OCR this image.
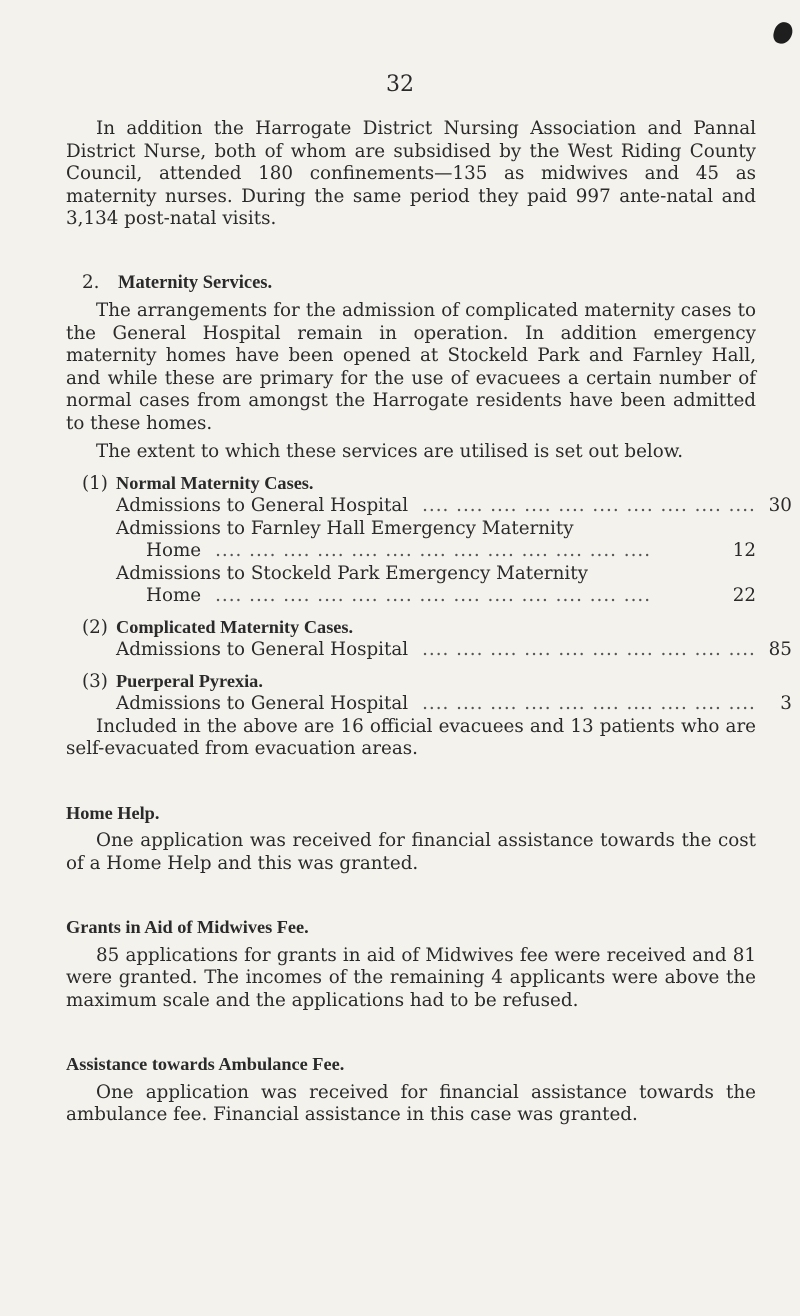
32

In addition the Harrogate District Nursing Association and Pannal District Nurse, both of whom are subsidised by the West Riding County Council, attended 180 confinements—135 as midwives and 45 as maternity nurses. During the same period they paid 997 ante-natal and 3,134 post-natal visits.

2. Maternity Services.

The arrangements for the admission of complicated maternity cases to the General Hospital remain in operation. In addition emergency maternity homes have been opened at Stockeld Park and Farnley Hall, and while these are primary for the use of evacuees a certain number of normal cases from amongst the Harrogate residents have been admitted to these homes.

The extent to which these services are utilised is set out below.

(1) Normal Maternity Cases.
Admissions to General Hospital .... .... .... .... .... .... .... .... .... .... 30
Admissions to Farnley Hall Emergency Maternity
Home .... .... .... .... .... .... .... .... .... .... .... .... ....	12
Admissions to Stockeld Park Emergency Maternity
Home .... .... .... .... .... .... .... .... .... .... .... .... ....	22
(2) Complicated Maternity Cases.
Admissions to General Hospital .... .... .... .... .... .... .... .... .... .... 85
(3) Puerperal Pyrexia.
Admissions to General Hospital .... .... .... .... .... .... .... .... .... ....	3

Included in the above are 16 official evacuees and 13 patients who are self-evacuated from evacuation areas.

Home Help.

One application was received for financial assistance towards the cost of a Home Help and this was granted.

Grants in Aid of Midwives Fee.

85 applications for grants in aid of Midwives fee were received and 81 were granted. The incomes of the remaining 4 applicants were above the maximum scale and the applications had to be refused.

Assistance towards Ambulance Fee.

One application was received for financial assistance towards the ambulance fee. Financial assistance in this case was granted.
